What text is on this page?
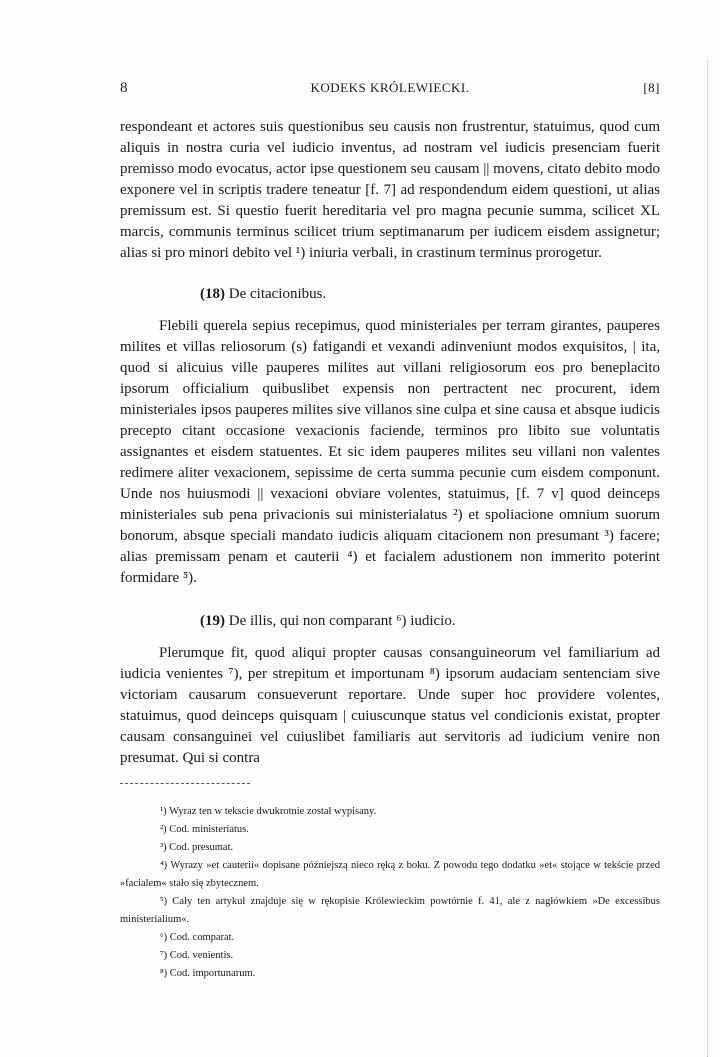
8	KODEKS KRÓLEWIECKI.	[8]

respondeant et actores suis questionibus seu causis non frustrentur, statuimus, quod cum aliquis in nostra curia vel iudicio inventus, ad nostram vel iudicis presenciam fuerit premisso modo evocatus, actor ipse questionem seu causam || movens, citato debito modo exponere vel in scriptis tradere teneatur [f. 7] ad respondendum eidem questioni, ut alias premissum est. Si questio fuerit hereditaria vel pro magna pecunie summa, scilicet XL marcis, communis terminus scilicet trium septimanarum per iudicem eisdem assignetur; alias si pro minori debito vel ¹) iniuria verbali, in crastinum terminus prorogetur.

(18) De citacionibus.

Flebili querela sepius recepimus, quod ministeriales per terram girantes, pauperes milites et villas reliosorum (s) fatigandi et vexandi adinveniunt modos exquisitos, | ita, quod si alicuius ville pauperes milites aut villani religiosorum eos pro beneplacito ipsorum officialium quibuslibet expensis non pertractent nec procurent, idem ministeriales ipsos pauperes milites sive villanos sine culpa et sine causa et absque iudicis precepto citant occasione vexacionis faciende, terminos pro libito sue voluntatis assignantes et eisdem statuentes. Et sic idem pauperes milites seu villani non valentes redimere aliter vexacionem, sepissime de certa summa pecunie cum eisdem componunt. Unde nos huiusmodi || vexacioni obviare volentes, statuimus, [f. 7 v] quod deinceps ministeriales sub pena privacionis sui ministerialatus ²) et spoliacione omnium suorum bonorum, absque speciali mandato iudicis aliquam citacionem non presumant ³) facere; alias premissam penam et cauterii ⁴) et facialem adustionem non immerito poterint formidare ⁵).

(19) De illis, qui non comparant ⁶) iudicio.

Plerumque fit, quod aliqui propter causas consanguineorum vel familiarium ad iudicia venientes ⁷), per strepitum et importunam ⁸) ipsorum audaciam sentenciam sive victoriam causarum consueverunt reportare. Unde super hoc providere volentes, statuimus, quod deinceps quisquam | cuiuscunque status vel condicionis existat, propter causam consanguinei vel cuiuslibet familiaris aut servitoris ad iudicium venire non presumat. Qui si contra

¹) Wyraz ten w tekscie dwukrotnie został wypisany.

²) Cod. ministeriatus.

³) Cod. presumat.

⁴) Wyrazy »et cauterii« dopisane późniejszą nieco ręką z boku. Z powodu tego dodatku »et« stojące w tekście przed »facialem« stało się zbytecznem.

⁵) Cały ten artykuł znajduje się w rękopisie Królewieckim powtórnie f. 41, ale z nagłówkiem »De excessibus ministerialium«.

⁶) Cod. comparat.

⁷) Cod. venientis.

⁸) Cod. importunarum.
